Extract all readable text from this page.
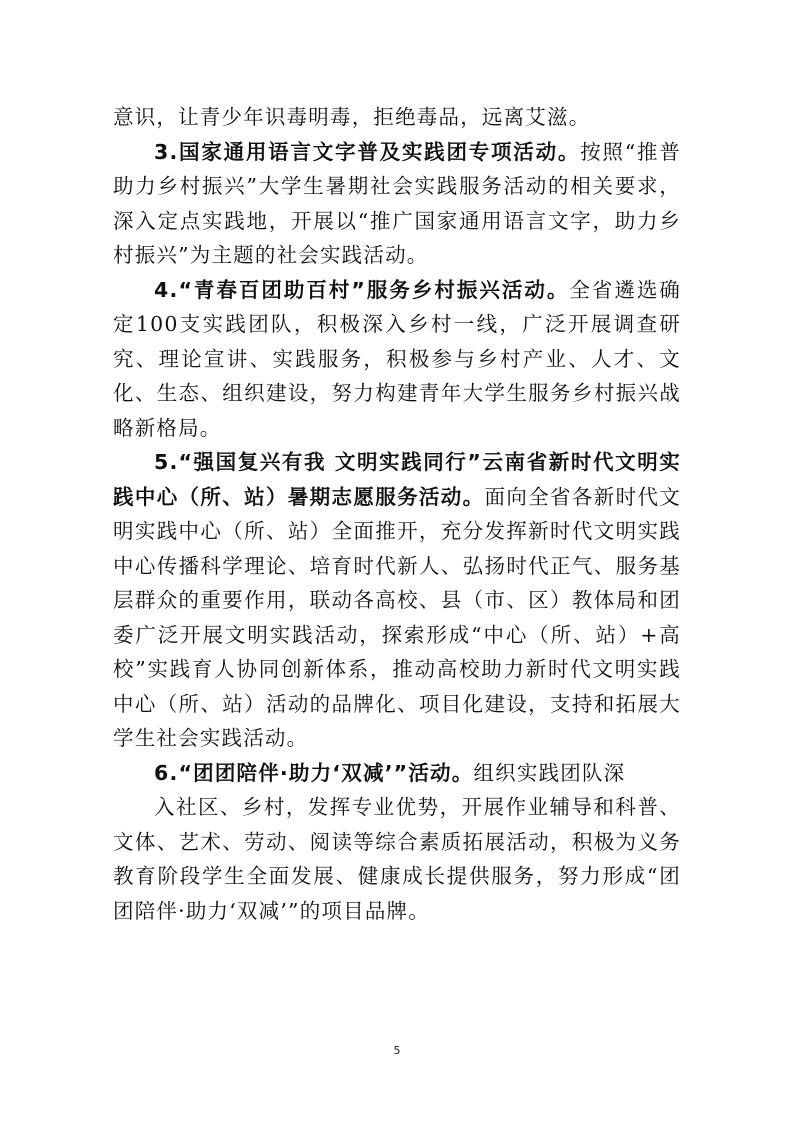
意识，让青少年识毒明毒，拒绝毒品，远离艾滋。

3.国家通用语言文字普及实践团专项活动。按照“推普助力乡村振兴”大学生暑期社会实践服务活动的相关要求，深入定点实践地，开展以“推广国家通用语言文字，助力乡村振兴”为主题的社会实践活动。

4.“青春百团助百村”服务乡村振兴活动。全省遴选确定100支实践团队，积极深入乡村一线，广泛开展调查研究、理论宣讲、实践服务，积极参与乡村产业、人才、文化、生态、组织建设，努力构建青年大学生服务乡村振兴战略新格局。

5.“强国复兴有我 文明实践同行”云南省新时代文明实践中心（所、站）暑期志愿服务活动。面向全省各新时代文明实践中心（所、站）全面推开，充分发挥新时代文明实践中心传播科学理论、培育时代新人、弘扬时代正气、服务基层群众的重要作用，联动各高校、县（市、区）教体局和团委广泛开展文明实践活动，探索形成“中心（所、站）+高校”实践育人协同创新体系，推动高校助力新时代文明实践中心（所、站）活动的品牌化、项目化建设，支持和拓展大学生社会实践活动。

6.“团团陪伴·助力‘双减’”活动。组织实践团队深

入社区、乡村，发挥专业优势，开展作业辅导和科普、文体、艺术、劳动、阅读等综合素质拓展活动，积极为义务教育阶段学生全面发展、健康成长提供服务，努力形成“团团陪伴·助力‘双减’”的项目品牌。

5
